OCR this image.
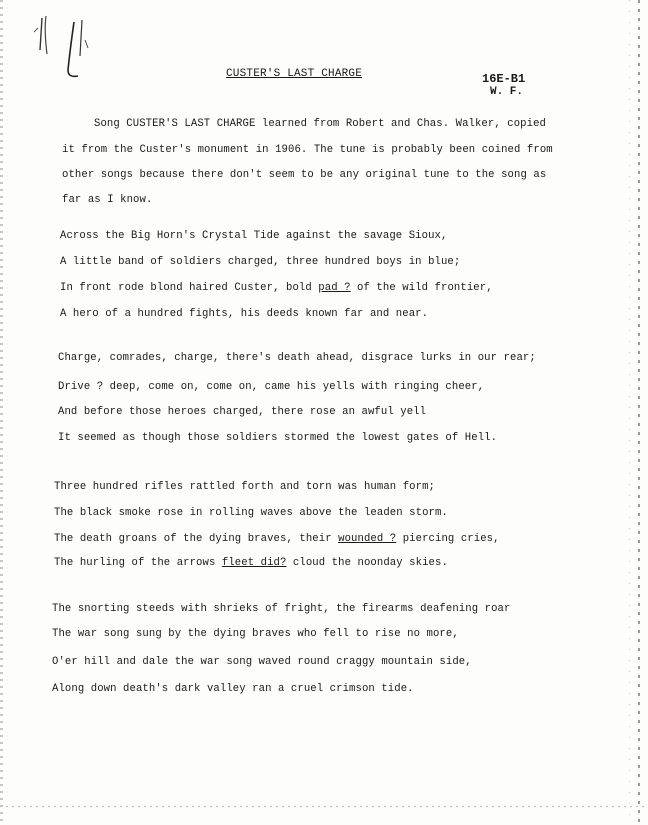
CUSTER'S LAST CHARGE	16E-B1
W. F.
Song CUSTER'S LAST CHARGE learned from Robert and Chas. Walker, copied
it from the Custer's monument in 1906. The tune is probably been coined from
other songs because there don't seem to be any original tune to the song as
far as I know.
Across the Big Horn's Crystal Tide against the savage Sioux,
A little band of soldiers charged, three hundred boys in blue;
In front rode blond haired Custer, bold pad ? of the wild frontier,
A hero of a hundred fights, his deeds known far and near.
Charge, comrades, charge, there's death ahead, disgrace lurks in our rear;
Drive ? deep, come on, come on, came his yells with ringing cheer,
And before those heroes charged, there rose an awful yell
It seemed as though those soldiers stormed the lowest gates of Hell.
Three hundred rifles rattled forth and torn was human form;
The black smoke rose in rolling waves above the leaden storm.
The death groans of the dying braves, their wounded ? piercing cries,
The hurling of the arrows fleet did? cloud the noonday skies.
The snorting steeds with shrieks of fright, the firearms deafening roar
The war song sung by the dying braves who fell to rise no more,
O'er hill and dale the war song waved round craggy mountain side,
Along down death's dark valley ran a cruel crimson tide.
